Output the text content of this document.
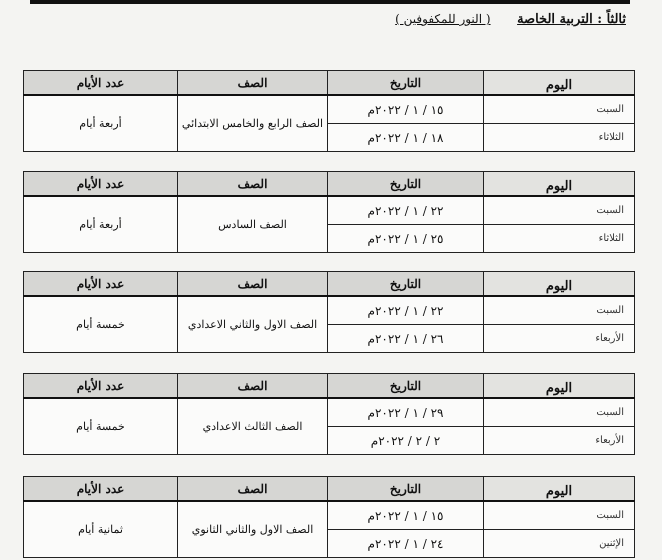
ثالثاً : التربية الخاصة ( النور للمكفوفين )
اليوم	التاريخ	الصف	عدد الأيام
السبت	١٥ / ١ / ٢٠٢٢م	الصف الرابع والخامس الابتدائي	أربعة أيام
الثلاثاء	١٨ / ١ / ٢٠٢٢م		
اليوم	التاريخ	الصف	عدد الأيام
السبت	٢٢ / ١ / ٢٠٢٢م	الصف السادس	أربعة أيام
الثلاثاء	٢٥ / ١ / ٢٠٢٢م		
اليوم	التاريخ	الصف	عدد الأيام
السبت	٢٢ / ١ / ٢٠٢٢م	الصف الاول والثاني الاعدادي	خمسة أيام
الأربعاء	٢٦ / ١ / ٢٠٢٢م		
اليوم	التاريخ	الصف	عدد الأيام
السبت	٢٩ / ١ / ٢٠٢٢م	الصف الثالث الاعدادي	خمسة أيام
الأربعاء	٢ / ٢ / ٢٠٢٢م		
اليوم	التاريخ	الصف	عدد الأيام
السبت	١٥ / ١ / ٢٠٢٢م	الصف الاول والثاني الثانوي	ثمانية أيام
الإثنين	٢٤ / ١ / ٢٠٢٢م		
